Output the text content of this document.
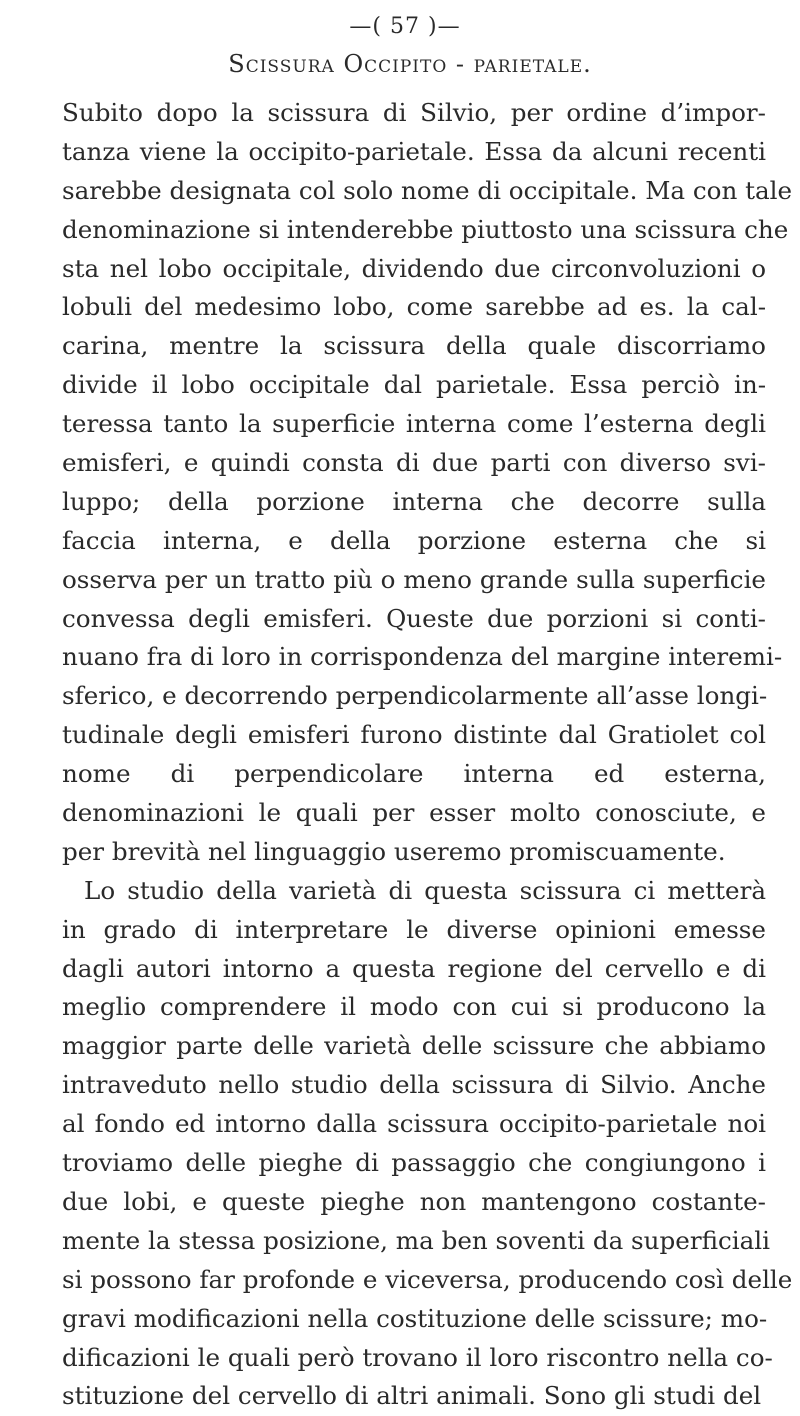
—( 57 )—
Scissura Occipito - parietale.
Subito dopo la scissura di Silvio, per ordine d’impor-
tanza viene la occipito-parietale. Essa da alcuni recenti
sarebbe designata col solo nome di occipitale. Ma con tale
denominazione si intenderebbe piuttosto una scissura che
sta nel lobo occipitale, dividendo due circonvoluzioni o
lobuli del medesimo lobo, come sarebbe ad es. la cal-
carina, mentre la scissura della quale discorriamo
divide il lobo occipitale dal parietale. Essa perciò in-
teressa tanto la superficie interna come l’esterna degli
emisferi, e quindi consta di due parti con diverso svi-
luppo; della porzione interna che decorre sulla
faccia interna, e della porzione esterna che si
osserva per un tratto più o meno grande sulla superficie
convessa degli emisferi. Queste due porzioni si conti-
nuano fra di loro in corrispondenza del margine interemi-
sferico, e decorrendo perpendicolarmente all’asse longi-
tudinale degli emisferi furono distinte dal Gratiolet col
nome di perpendicolare interna ed esterna,
denominazioni le quali per esser molto conosciute, e
per brevità nel linguaggio useremo promiscuamente.
Lo studio della varietà di questa scissura ci metterà
in grado di interpretare le diverse opinioni emesse
dagli autori intorno a questa regione del cervello e di
meglio comprendere il modo con cui si producono la
maggior parte delle varietà delle scissure che abbiamo
intraveduto nello studio della scissura di Silvio. Anche
al fondo ed intorno dalla scissura occipito-parietale noi
troviamo delle pieghe di passaggio che congiungono i
due lobi, e queste pieghe non mantengono costante-
mente la stessa posizione, ma ben soventi da superficiali
si possono far profonde e viceversa, producendo così delle
gravi modificazioni nella costituzione delle scissure; mo-
dificazioni le quali però trovano il loro riscontro nella co-
stituzione del cervello di altri animali. Sono gli studi del
